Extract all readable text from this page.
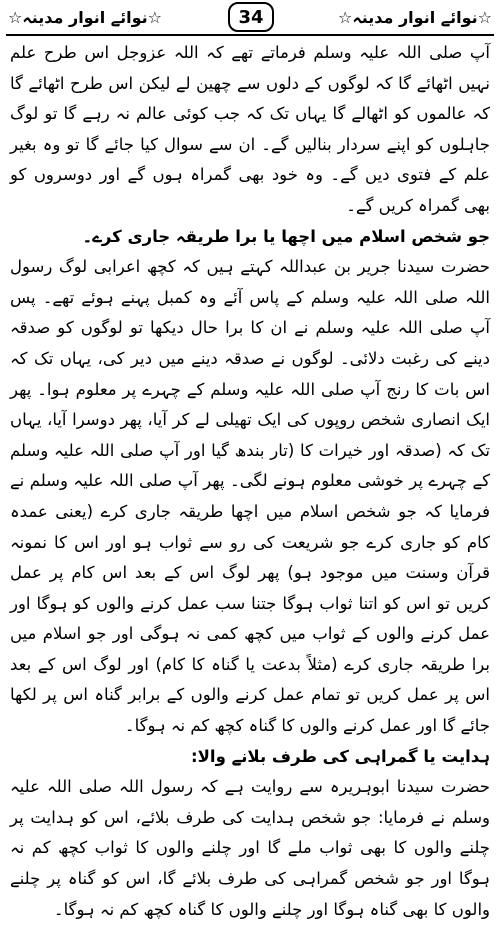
☆نوائے انوار مدینہ☆	34	☆نوائے انوار مدینہ☆

آپ صلی اللہ علیہ وسلم فرماتے تھے کہ اللہ عزوجل اس طرح علم نہیں اٹھائے گا کہ لوگوں کے دلوں سے چھین لے لیکن اس طرح اٹھائے گا کہ عالموں کو اٹھالے گا یہاں تک کہ جب کوئی عالم نہ رہے گا تو لوگ جاہلوں کو اپنے سردار بنالیں گے۔ ان سے سوال کیا جائے گا تو وہ بغیر علم کے فتوی دیں گے۔ وہ خود بھی گمراہ ہوں گے اور دوسروں کو بھی گمراہ کریں گے۔

جو شخص اسلام میں اچھا یا برا طریقہ جاری کرے۔

حضرت سیدنا جریر بن عبداللہ کہتے ہیں کہ کچھ اعرابی لوگ رسول اللہ صلی اللہ علیہ وسلم کے پاس آئے وہ کمبل پہنے ہوئے تھے۔ پس آپ صلی اللہ علیہ وسلم نے ان کا برا حال دیکھا تو لوگوں کو صدقہ دینے کی رغبت دلائی۔ لوگوں نے صدقہ دینے میں دیر کی، یہاں تک کہ اس بات کا رنج آپ صلی اللہ علیہ وسلم کے چہرے پر معلوم ہوا۔ پھر ایک انصاری شخص روپوں کی ایک تھیلی لے کر آیا، پھر دوسرا آیا، یہاں تک کہ (صدقہ اور خیرات کا (تار بندھ گیا اور آپ صلی اللہ علیہ وسلم کے چہرے پر خوشی معلوم ہونے لگی۔ پھر آپ صلی اللہ علیہ وسلم نے فرمایا کہ جو شخص اسلام میں اچھا طریقہ جاری کرے (یعنی عمدہ کام کو جاری کرے جو شریعت کی رو سے ثواب ہو اور اس کا نمونہ قرآن وسنت میں موجود ہو) پھر لوگ اس کے بعد اس کام پر عمل کریں تو اس کو اتنا ثواب ہوگا جتنا سب عمل کرنے والوں کو ہوگا اور عمل کرنے والوں کے ثواب میں کچھ کمی نہ ہوگی اور جو اسلام میں برا طریقہ جاری کرے (مثلاً بدعت یا گناہ کا کام) اور لوگ اس کے بعد اس پر عمل کریں تو تمام عمل کرنے والوں کے برابر گناہ اس پر لکھا جائے گا اور عمل کرنے والوں کا گناہ کچھ کم نہ ہوگا۔

ہدایت یا گمراہی کی طرف بلانے والا:

حضرت سیدنا ابوہریرہ سے روایت ہے کہ رسول اللہ صلی اللہ علیہ وسلم نے فرمایا: جو شخص ہدایت کی طرف بلائے، اس کو ہدایت پر چلنے والوں کا بھی ثواب ملے گا اور چلنے والوں کا ثواب کچھ کم نہ ہوگا اور جو شخص گمراہی کی طرف بلائے گا، اس کو گناہ پر چلنے والوں کا بھی گناہ ہوگا اور چلنے والوں کا گناہ کچھ کم نہ ہوگا۔
